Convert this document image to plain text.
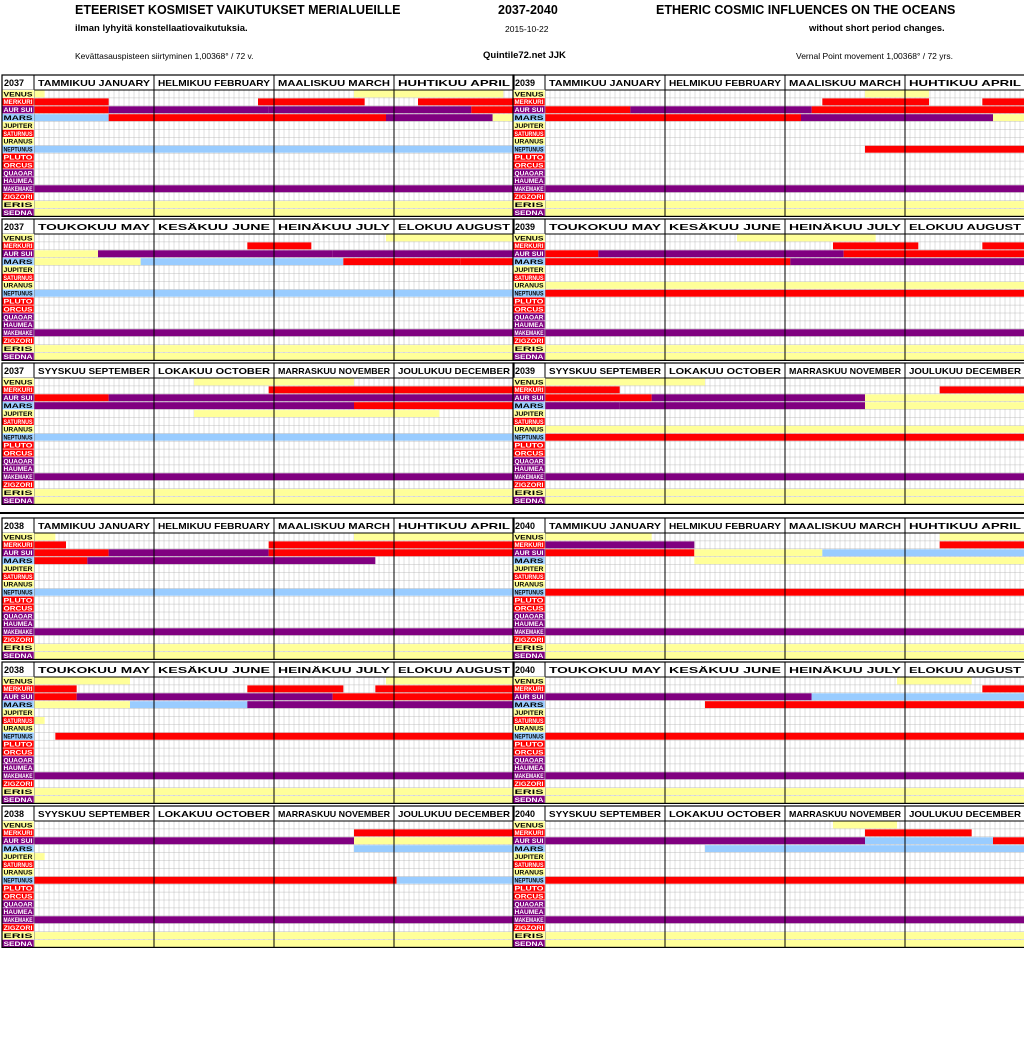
ETEERISET KOSMISET VAIKUTUKSET MERIALUEILLE	2037-2040	ETHERIC COSMIC INFLUENCES ON THE OCEANS
ilman lyhyitä konstellaatiovaikutuksia.	2015-10-22	without short period changes.
Kevättasauspisteen siirtyminen 1,00368° / 72 v.	Quintile72.net JJK	Vernal Point movement 1,00368° / 72 yrs.
2037 TAMMIKUU JANUARY HELMIKUU FEBRUARY MAALISKUU MARCH HUHTIKUU APRIL
VENUS
MERKURI
AUR SUI
MARS
JUPITER
SATURNUS
URANUS
NEPTUNUS
PLUTO
ORCUS
QUAOAR
HAUMEA
MAKEMAKE
ZIGZORI
ERIS
SEDNA
2037 TOUKOKUU MAY KESÄKUU JUNE HEINÄKUU JULY ELOKUU AUGUST
VENUS
MERKURI
AUR SUI
MARS
JUPITER
SATURNUS
URANUS
NEPTUNUS
PLUTO
ORCUS
QUAOAR
HAUMEA
MAKEMAKE
ZIGZORI
ERIS
SEDNA
2037 SYYSKUU SEPTEMBER LOKAKUU OCTOBER MARRASKUU NOVEMBER JOULUKUU DECEMBER
VENUS
MERKURI
AUR SUI
MARS
JUPITER
SATURNUS
URANUS
NEPTUNUS
PLUTO
ORCUS
QUAOAR
HAUMEA
MAKEMAKE
ZIGZORI
ERIS
SEDNA
2038 TAMMIKUU JANUARY HELMIKUU FEBRUARY MAALISKUU MARCH HUHTIKUU APRIL
VENUS
MERKURI
AUR SUI
MARS
JUPITER
SATURNUS
URANUS
NEPTUNUS
PLUTO
ORCUS
QUAOAR
HAUMEA
MAKEMAKE
ZIGZORI
ERIS
SEDNA
2038 TOUKOKUU MAY KESÄKUU JUNE HEINÄKUU JULY ELOKUU AUGUST
VENUS
MERKURI
AUR SUI
MARS
JUPITER
SATURNUS
URANUS
NEPTUNUS
PLUTO
ORCUS
QUAOAR
HAUMEA
MAKEMAKE
ZIGZORI
ERIS
SEDNA
2038 SYYSKUU SEPTEMBER LOKAKUU OCTOBER MARRASKUU NOVEMBER JOULUKUU DECEMBER
VENUS
MERKURI
AUR SUI
MARS
JUPITER
SATURNUS
URANUS
NEPTUNUS
PLUTO
ORCUS
QUAOAR
HAUMEA
MAKEMAKE
ZIGZORI
ERIS
SEDNA
2039 TAMMIKUU JANUARY HELMIKUU FEBRUARY MAALISKUU MARCH HUHTIKUU APRIL
VENUS
MERKURI
AUR SUI
MARS
JUPITER
SATURNUS
URANUS
NEPTUNUS
PLUTO
ORCUS
QUAOAR
HAUMEA
MAKEMAKE
ZIGZORI
ERIS
SEDNA
2039 TOUKOKUU MAY KESÄKUU JUNE HEINÄKUU JULY ELOKUU AUGUST
VENUS
MERKURI
AUR SUI
MARS
JUPITER
SATURNUS
URANUS
NEPTUNUS
PLUTO
ORCUS
QUAOAR
HAUMEA
MAKEMAKE
ZIGZORI
ERIS
SEDNA
2039 SYYSKUU SEPTEMBER LOKAKUU OCTOBER MARRASKUU NOVEMBER JOULUKUU DECEMBER
VENUS
MERKURI
AUR SUI
MARS
JUPITER
SATURNUS
URANUS
NEPTUNUS
PLUTO
ORCUS
QUAOAR
HAUMEA
MAKEMAKE
ZIGZORI
ERIS
SEDNA
2040 TAMMIKUU JANUARY HELMIKUU FEBRUARY MAALISKUU MARCH HUHTIKUU APRIL
VENUS
MERKURI
AUR SUI
MARS
JUPITER
SATURNUS
URANUS
NEPTUNUS
PLUTO
ORCUS
QUAOAR
HAUMEA
MAKEMAKE
ZIGZORI
ERIS
SEDNA
2040 TOUKOKUU MAY KESÄKUU JUNE HEINÄKUU JULY ELOKUU AUGUST
VENUS
MERKURI
AUR SUI
MARS
JUPITER
SATURNUS
URANUS
NEPTUNUS
PLUTO
ORCUS
QUAOAR
HAUMEA
MAKEMAKE
ZIGZORI
ERIS
SEDNA
2040 SYYSKUU SEPTEMBER LOKAKUU OCTOBER MARRASKUU NOVEMBER JOULUKUU DECEMBER
VENUS
MERKURI
AUR SUI
MARS
JUPITER
SATURNUS
URANUS
NEPTUNUS
PLUTO
ORCUS
QUAOAR
HAUMEA
MAKEMAKE
ZIGZORI
ERIS
SEDNA
